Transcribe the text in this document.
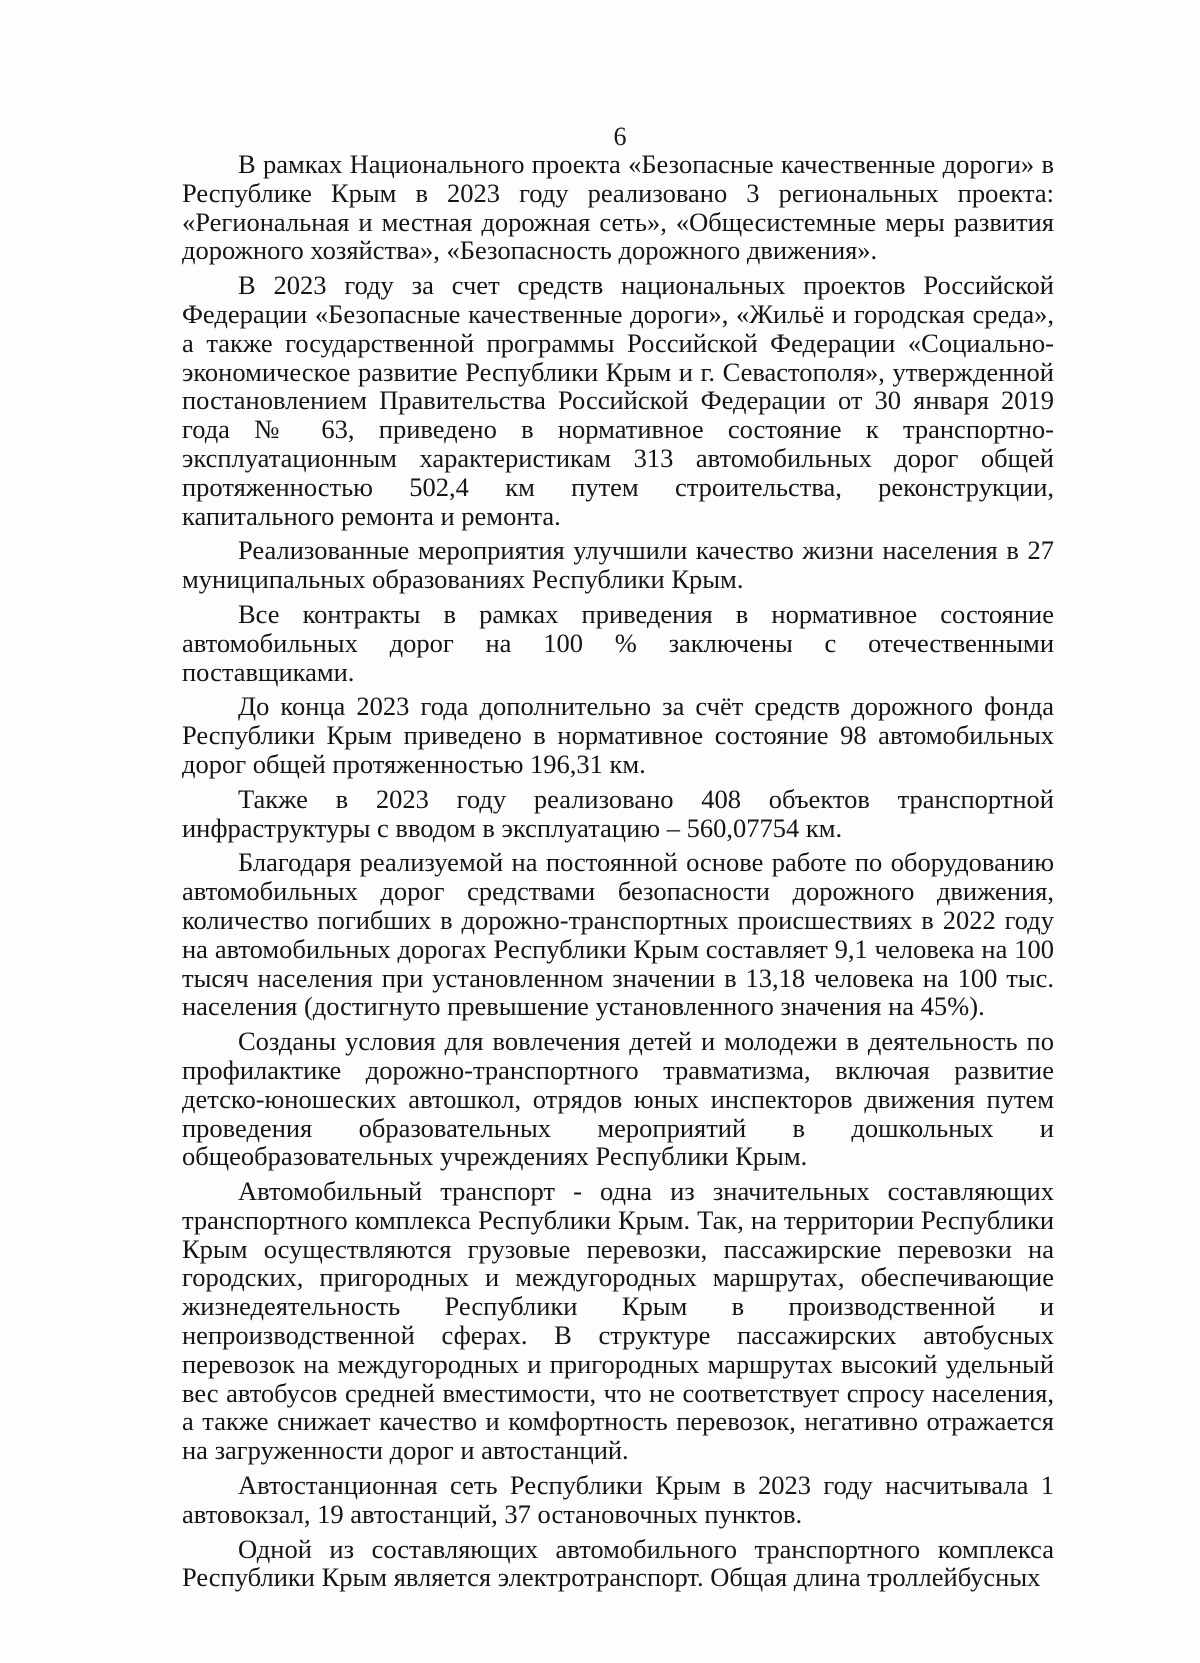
6

В рамках Национального проекта «Безопасные качественные дороги» в Республике Крым в 2023 году реализовано 3 региональных проекта: «Региональная и местная дорожная сеть», «Общесистемные меры развития дорожного хозяйства», «Безопасность дорожного движения».

В 2023 году за счет средств национальных проектов Российской Федерации «Безопасные качественные дороги», «Жильё и городская среда», а также государственной программы Российской Федерации «Социально-экономическое развитие Республики Крым и г. Севастополя», утвержденной постановлением Правительства Российской Федерации от 30 января 2019 года № 63, приведено в нормативное состояние к транспортно-эксплуатационным характеристикам 313 автомобильных дорог общей протяженностью 502,4 км путем строительства, реконструкции, капитального ремонта и ремонта.

Реализованные мероприятия улучшили качество жизни населения в 27 муниципальных образованиях Республики Крым.

Все контракты в рамках приведения в нормативное состояние автомобильных дорог на 100 % заключены с отечественными поставщиками.

До конца 2023 года дополнительно за счёт средств дорожного фонда Республики Крым приведено в нормативное состояние 98 автомобильных дорог общей протяженностью 196,31 км.

Также в 2023 году реализовано 408 объектов транспортной инфраструктуры с вводом в эксплуатацию – 560,07754 км.

Благодаря реализуемой на постоянной основе работе по оборудованию автомобильных дорог средствами безопасности дорожного движения, количество погибших в дорожно-транспортных происшествиях в 2022 году на автомобильных дорогах Республики Крым составляет 9,1 человека на 100 тысяч населения при установленном значении в 13,18 человека на 100 тыс. населения (достигнуто превышение установленного значения на 45%).

Созданы условия для вовлечения детей и молодежи в деятельность по профилактике дорожно-транспортного травматизма, включая развитие детско-юношеских автошкол, отрядов юных инспекторов движения путем проведения образовательных мероприятий в дошкольных и общеобразовательных учреждениях Республики Крым.

Автомобильный транспорт - одна из значительных составляющих транспортного комплекса Республики Крым. Так, на территории Республики Крым осуществляются грузовые перевозки, пассажирские перевозки на городских, пригородных и междугородных маршрутах, обеспечивающие жизнедеятельность Республики Крым в производственной и непроизводственной сферах. В структуре пассажирских автобусных перевозок на междугородных и пригородных маршрутах высокий удельный вес автобусов средней вместимости, что не соответствует спросу населения, а также снижает качество и комфортность перевозок, негативно отражается на загруженности дорог и автостанций.

Автостанционная сеть Республики Крым в 2023 году насчитывала 1 автовокзал, 19 автостанций, 37 остановочных пунктов.

Одной из составляющих автомобильного транспортного комплекса Республики Крым является электротранспорт. Общая длина троллейбусных
